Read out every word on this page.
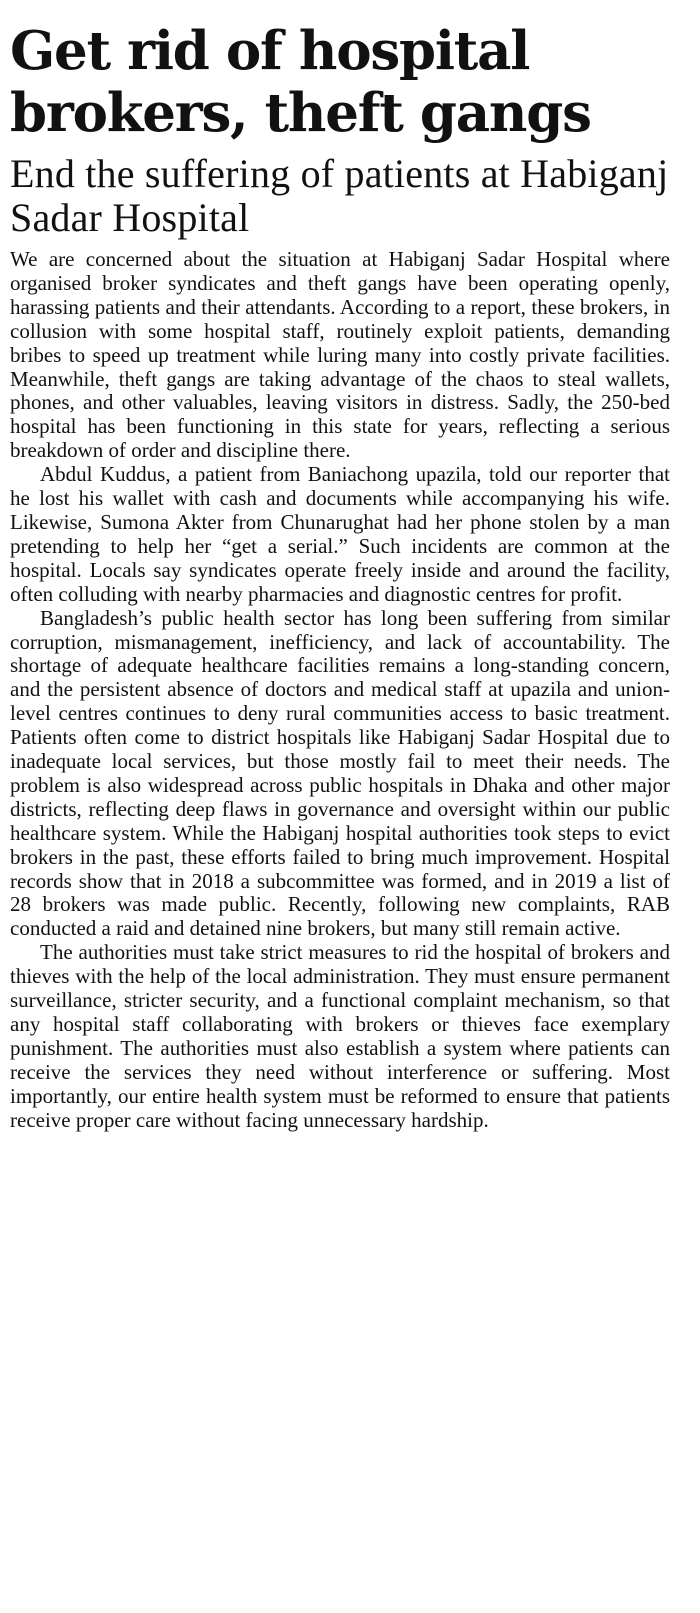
Get rid of hospital brokers, theft gangs
End the suffering of patients at Habiganj Sadar Hospital

We are concerned about the situation at Habiganj Sadar Hospital where organised broker syndicates and theft gangs have been operating openly, harassing patients and their attendants. According to a report, these brokers, in collusion with some hospital staff, routinely exploit patients, demanding bribes to speed up treatment while luring many into costly private facilities. Meanwhile, theft gangs are taking advantage of the chaos to steal wallets, phones, and other valuables, leaving visitors in distress. Sadly, the 250-bed hospital has been functioning in this state for years, reflecting a serious breakdown of order and discipline there.

Abdul Kuddus, a patient from Baniachong upazila, told our reporter that he lost his wallet with cash and documents while accompanying his wife. Likewise, Sumona Akter from Chunarughat had her phone stolen by a man pretending to help her “get a serial.” Such incidents are common at the hospital. Locals say syndicates operate freely inside and around the facility, often colluding with nearby pharmacies and diagnostic centres for profit.

Bangladesh’s public health sector has long been suffering from similar corruption, mismanagement, inefficiency, and lack of accountability. The shortage of adequate healthcare facilities remains a long-standing concern, and the persistent absence of doctors and medical staff at upazila and union-level centres continues to deny rural communities access to basic treatment. Patients often come to district hospitals like Habiganj Sadar Hospital due to inadequate local services, but those mostly fail to meet their needs. The problem is also widespread across public hospitals in Dhaka and other major districts, reflecting deep flaws in governance and oversight within our public healthcare system. While the Habiganj hospital authorities took steps to evict brokers in the past, these efforts failed to bring much improvement. Hospital records show that in 2018 a subcommittee was formed, and in 2019 a list of 28 brokers was made public. Recently, following new complaints, RAB conducted a raid and detained nine brokers, but many still remain active.

The authorities must take strict measures to rid the hospital of brokers and thieves with the help of the local administration. They must ensure permanent surveillance, stricter security, and a functional complaint mechanism, so that any hospital staff collaborating with brokers or thieves face exemplary punishment. The authorities must also establish a system where patients can receive the services they need without interference or suffering. Most importantly, our entire health system must be reformed to ensure that patients receive proper care without facing unnecessary hardship.
